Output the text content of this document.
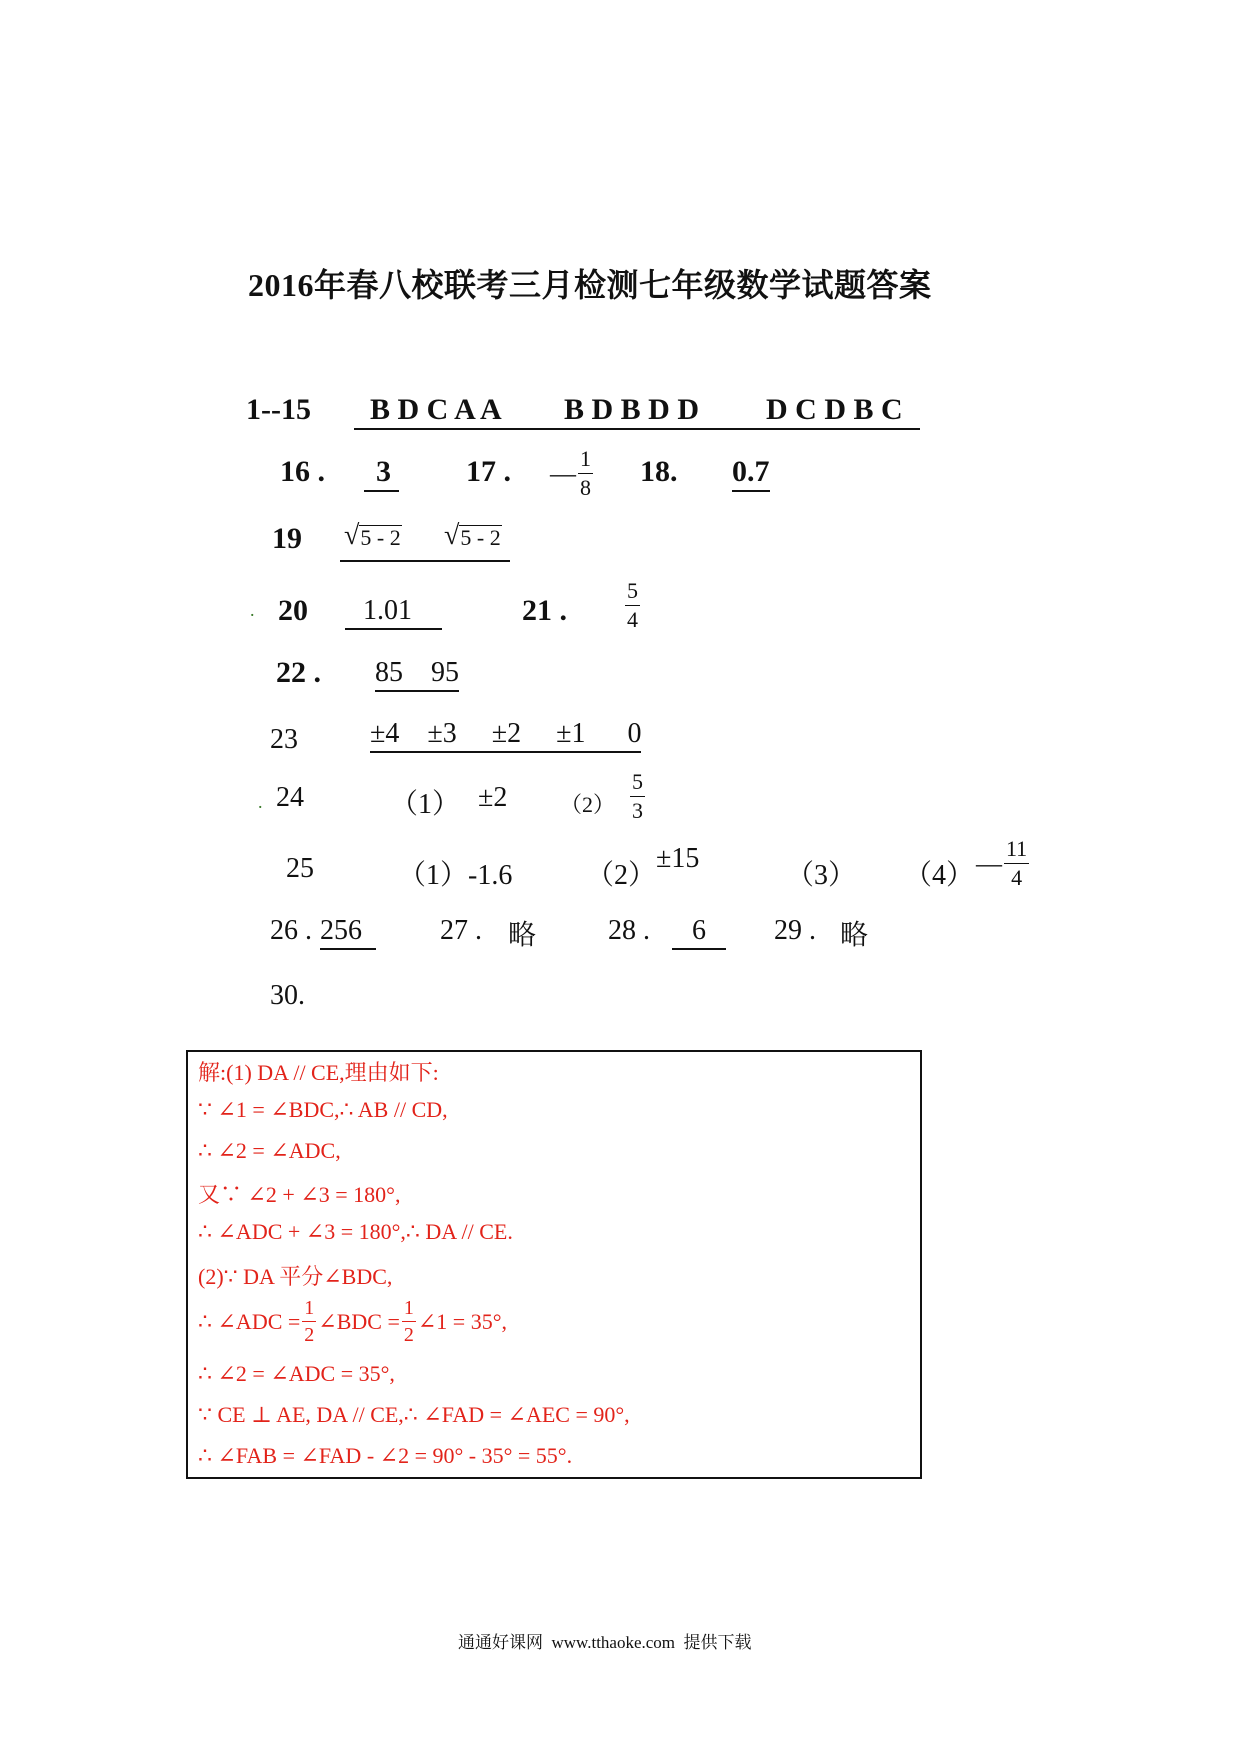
2016年春八校联考三月检测七年级数学试题答案
1--15 B D C A A B D B D D D C D B C
16 .	3	17 . — $\frac{1}{8} 18$. 0.7
19 √ 5 - 2 √ 5 - 2
. 20	1.01	21 .	$\frac{5}{4}$
22 . 85    95
23	±4    ±3     ±2     ±1      0
. 24	（1） ±2 $(2) \frac{5}{3}$
25	（1）-1.6	（2）
±15
（3） （4） — $\frac{11}{4}$
26 . 256	27 . 略	28 .	6	29 . 略
30.
解:(1) DA // CE,理由如下:
∵ ∠1 = ∠BDC,∴ AB // CD,
∴ ∠2 = ∠ADC,
又∵ ∠2 + ∠3 = 180°,
∴ ∠ADC + ∠3 = 180°,∴ DA // CE.
(2)∵ DA 平分∠BDC,
∴ ∠ADC = $\frac{1}{2}$ ∠BDC = $\frac{1}{2}$ ∠1 = 35°,
∴ ∠2 = ∠ADC = 35°,
∵ CE ⊥ AE, DA // CE,∴ ∠FAD = ∠AEC = 90°,
∴ ∠FAB = ∠FAD - ∠2 = 90° - 35° = 55°.
通通好课网  www.tthaoke.com  提供下载
